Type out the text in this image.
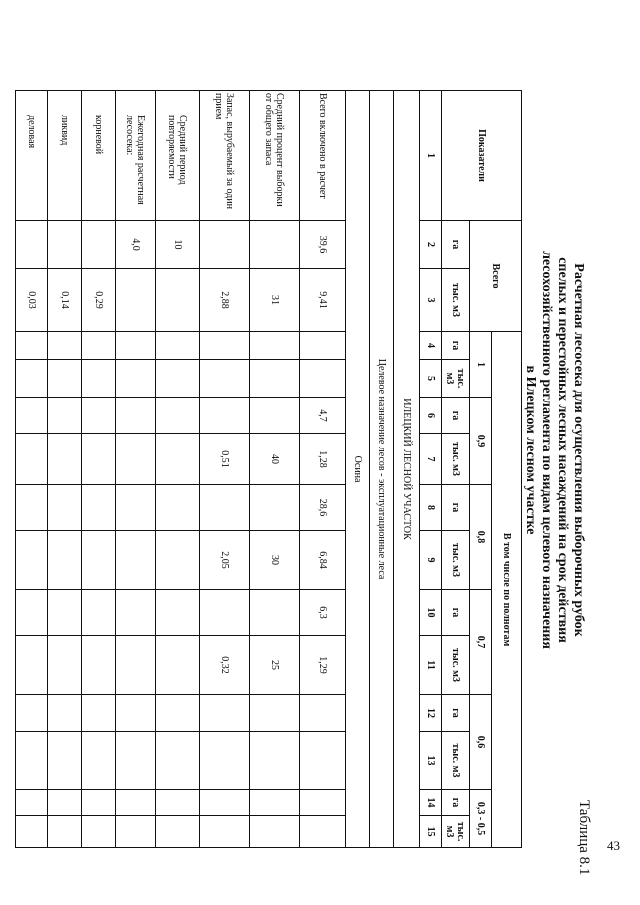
43
Таблица 8.1
Расчетная лесосека для осуществления выборочных рубок
спелых и перестойных лесных насаждений на срок действия
лесохозяйственного регламента по видам целевого назначения
в Илецком лесном участке
Показатели	Всего		В том числе по полнотам											
			1		0,9		0,8		0,7		0,6		0,3 - 0,5	
	га	тыс. м3	га	тыс. м3	га	тыс. м3	га	тыс. м3	га	тыс. м3	га	тыс. м3	га	тыс. м3
1	2	3	4	5	6	7	8	9	10	11	12	13	14	15
ИЛЕЦКИЙ ЛЕСНОЙ УЧАСТОК														
Целевое назначение лесов - эксплуатационные леса														
Осина														
Всего включено в расчет	39,6	9,41			4,7	1,28	28,6	6,84	6,3	1,29				
Средний процент выборки от общего запаса		31				40		30		25				
Запас, вырубаемый за один прием		2,88				0,51		2,05		0,32				
Средний период повторяемости	10													
Ежегодная расчетная лесосека:	4,0													
корневой		0,29												
ликвид		0,14												
деловая		0,03												
